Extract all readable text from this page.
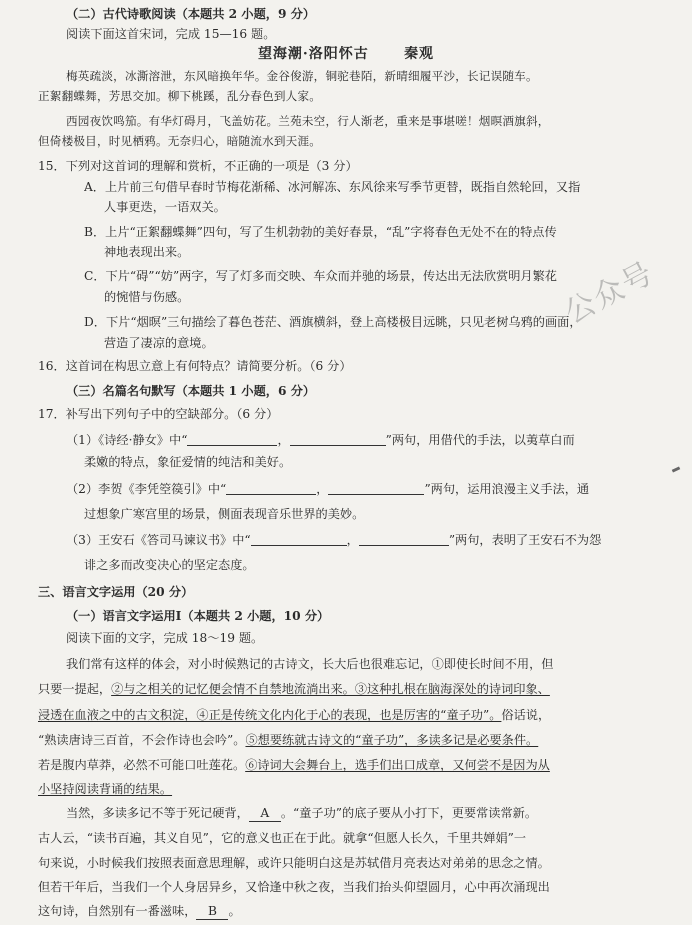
（二）古代诗歌阅读（本题共 2 小题，9 分）
阅读下面这首宋词，完成 15—16 题。
望海潮·洛阳怀古	秦观
梅英疏淡，冰澌溶泄，东风暗换年华。金谷俊游，铜驼巷陌，新晴细履平沙，长记误随车。
正絮翻蝶舞，芳思交加。柳下桃蹊，乱分春色到人家。
西园夜饮鸣笳。有华灯碍月，飞盖妨花。兰苑未空，行人渐老，重来是事堪嗟！烟暝酒旗斜，
但倚楼极目，时见栖鸦。无奈归心，暗随流水到天涯。
15．下列对这首词的理解和赏析，不正确的一项是（3 分）
A．上片前三句借早春时节梅花渐稀、冰河解冻、东风徐来写季节更替，既指自然轮回，又指
人事更迭，一语双关。
B．上片“正絮翻蝶舞”四句，写了生机勃勃的美好春景，“乱”字将春色无处不在的特点传
神地表现出来。
C．下片“碍”“妨”两字，写了灯多而交映、车众而并驰的场景，传达出无法欣赏明月繁花
的惋惜与伤感。
D．下片“烟暝”三句描绘了暮色苍茫、酒旗横斜，登上高楼极目远眺，只见老树乌鸦的画面，
营造了凄凉的意境。
16．这首词在构思立意上有何特点？请简要分析。（6 分）
（三）名篇名句默写（本题共 1 小题，6 分）
17．补写出下列句子中的空缺部分。（6 分）
（1）《诗经·静女》中“	，	”两句，用借代的手法，以荑草白而
柔嫩的特点，象征爱情的纯洁和美好。
（2）李贺《李凭箜篌引》中“	，	”两句，运用浪漫主义手法，通
过想象广寒宫里的场景，侧面表现音乐世界的美妙。
（3）王安石《答司马谏议书》中“	，	”两句，表明了王安石不为怨
诽之多而改变决心的坚定态度。
三、语言文字运用（20 分）
（一）语言文字运用Ⅰ（本题共 2 小题，10 分）
阅读下面的文字，完成 18～19 题。
我们常有这样的体会，对小时候熟记的古诗文，长大后也很难忘记，①即使长时间不用，但
只要一提起，②与之相关的记忆便会情不自禁地流淌出来。③这种扎根在脑海深处的诗词印象、
浸透在血液之中的古文积淀，④正是传统文化内化于心的表现，也是厉害的“童子功”。俗话说，
“熟读唐诗三百首，不会作诗也会吟”。⑤想要练就古诗文的“童子功”，多读多记是必要条件。
若是腹内草莽，必然不可能口吐莲花。⑥诗词大会舞台上，选手们出口成章，又何尝不是因为从
小坚持阅读背诵的结果。
当然，多读多记不等于死记硬背， A 。“童子功”的底子要从小打下，更要常读常新。
古人云，“读书百遍，其义自见”，它的意义也正在于此。就拿“但愿人长久，千里共婵娟”一
句来说，小时候我们按照表面意思理解，或许只能明白这是苏轼借月亮表达对弟弟的思念之情。
但若干年后，当我们一个人身居异乡，又恰逢中秋之夜，当我们抬头仰望圆月，心中再次涌现出
这句诗，自然别有一番滋味， B 。
公众号
